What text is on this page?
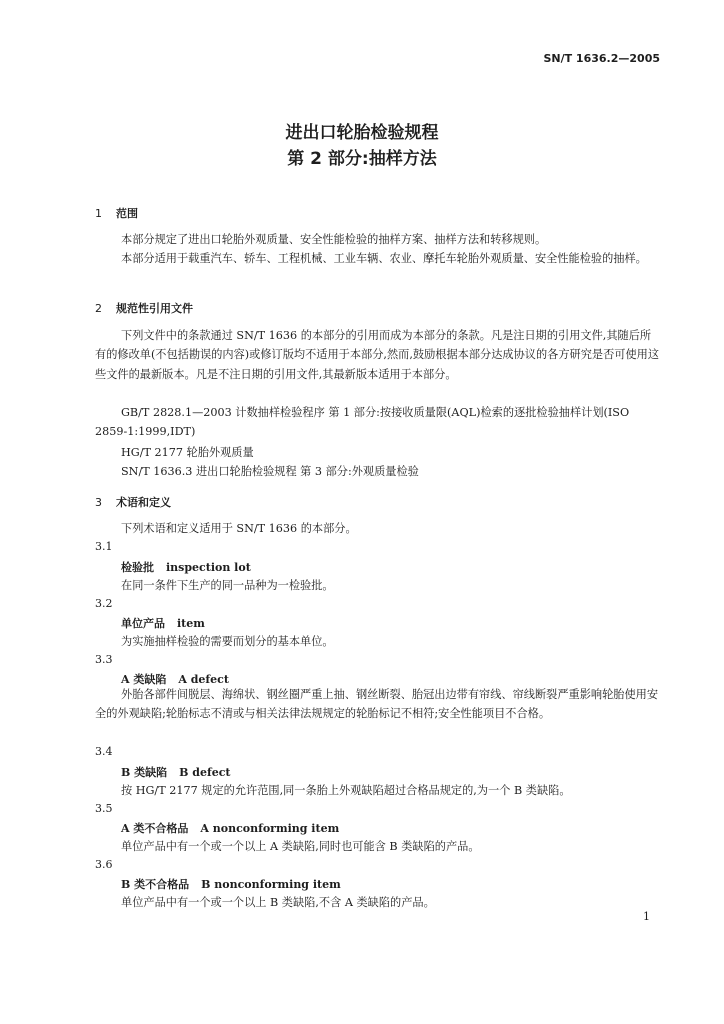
SN/T 1636.2—2005
进出口轮胎检验规程
第 2 部分:抽样方法
1 范围
本部分规定了进出口轮胎外观质量、安全性能检验的抽样方案、抽样方法和转移规则。
本部分适用于载重汽车、轿车、工程机械、工业车辆、农业、摩托车轮胎外观质量、安全性能检验的抽样。
2 规范性引用文件
下列文件中的条款通过 SN/T 1636 的本部分的引用而成为本部分的条款。凡是注日期的引用文件,其随后所有的修改单(不包括勘误的内容)或修订版均不适用于本部分,然而,鼓励根据本部分达成协议的各方研究是否可使用这些文件的最新版本。凡是不注日期的引用文件,其最新版本适用于本部分。
GB/T 2828.1—2003 计数抽样检验程序 第 1 部分:按接收质量限(AQL)检索的逐批检验抽样计划(ISO 2859-1:1999,IDT)
HG/T 2177 轮胎外观质量
SN/T 1636.3 进出口轮胎检验规程 第 3 部分:外观质量检验
3 术语和定义
下列术语和定义适用于 SN/T 1636 的本部分。
3.1
检验批 inspection lot
在同一条件下生产的同一品种为一检验批。
3.2
单位产品 item
为实施抽样检验的需要而划分的基本单位。
3.3
A 类缺陷 A defect
外胎各部件间脱层、海绵状、钢丝圈严重上抽、钢丝断裂、胎冠出边带有帘线、帘线断裂严重影响轮胎使用安全的外观缺陷;轮胎标志不清或与相关法律法规规定的轮胎标记不相符;安全性能项目不合格。
3.4
B 类缺陷 B defect
按 HG/T 2177 规定的允许范围,同一条胎上外观缺陷超过合格品规定的,为一个 B 类缺陷。
3.5
A 类不合格品 A nonconforming item
单位产品中有一个或一个以上 A 类缺陷,同时也可能含 B 类缺陷的产品。
3.6
B 类不合格品 B nonconforming item
单位产品中有一个或一个以上 B 类缺陷,不含 A 类缺陷的产品。
1
